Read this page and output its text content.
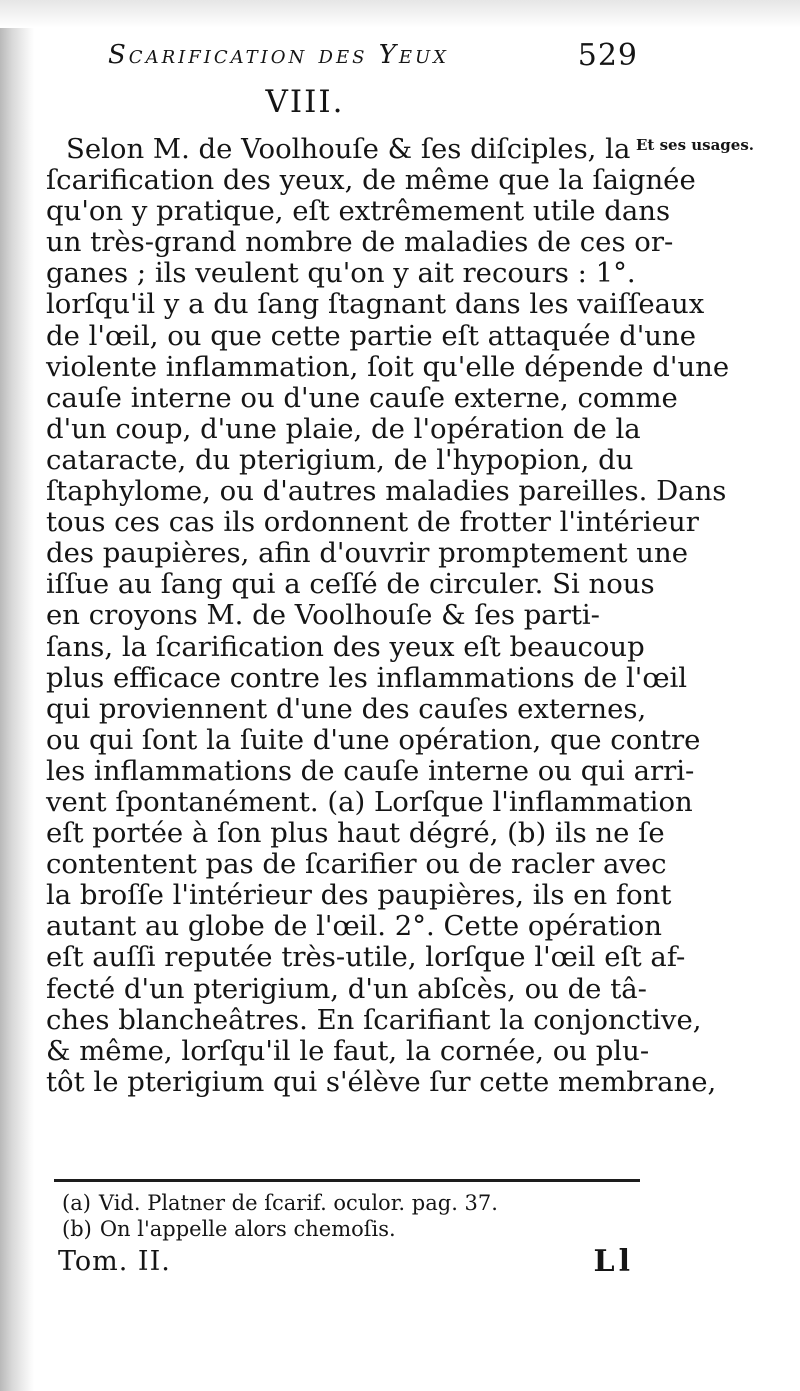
Scarification des Yeux	529
VIII.
Et ses usages.
Selon M. de Voolhouſe & ſes diſciples, la
ſcarification des yeux, de même que la ſaignée
qu'on y pratique, eſt extrêmement utile dans
un très-grand nombre de maladies de ces or-
ganes ; ils veulent qu'on y ait recours : 1°.
lorſqu'il y a du ſang ſtagnant dans les vaiſſeaux
de l'œil, ou que cette partie eſt attaquée d'une
violente inflammation, ſoit qu'elle dépende d'une
cauſe interne ou d'une cauſe externe, comme
d'un coup, d'une plaie, de l'opération de la
cataracte, du pterigium, de l'hypopion, du
ſtaphylome, ou d'autres maladies pareilles. Dans
tous ces cas ils ordonnent de frotter l'intérieur
des paupières, afin d'ouvrir promptement une
iſſue au ſang qui a ceſſé de circuler. Si nous
en croyons M. de Voolhouſe & ſes parti-
ſans, la ſcarification des yeux eſt beaucoup
plus efficace contre les inflammations de l'œil
qui proviennent d'une des cauſes externes,
ou qui ſont la ſuite d'une opération, que contre
les inflammations de cauſe interne ou qui arri-
vent ſpontanément. (a) Lorſque l'inflammation
eſt portée à ſon plus haut dégré, (b) ils ne ſe
contentent pas de ſcarifier ou de racler avec
la broſſe l'intérieur des paupières, ils en font
autant au globe de l'œil. 2°. Cette opération
eſt auſſi reputée très-utile, lorſque l'œil eſt af-
fecté d'un pterigium, d'un abſcès, ou de tâ-
ches blancheâtres. En ſcarifiant la conjonctive,
& même, lorſqu'il le faut, la cornée, ou plu-
tôt le pterigium qui s'élève ſur cette membrane,
(a) Vid. Platner de ſcarif. oculor. pag. 37.
(b) On l'appelle alors chemoſis.
Tom. II.	Ll
